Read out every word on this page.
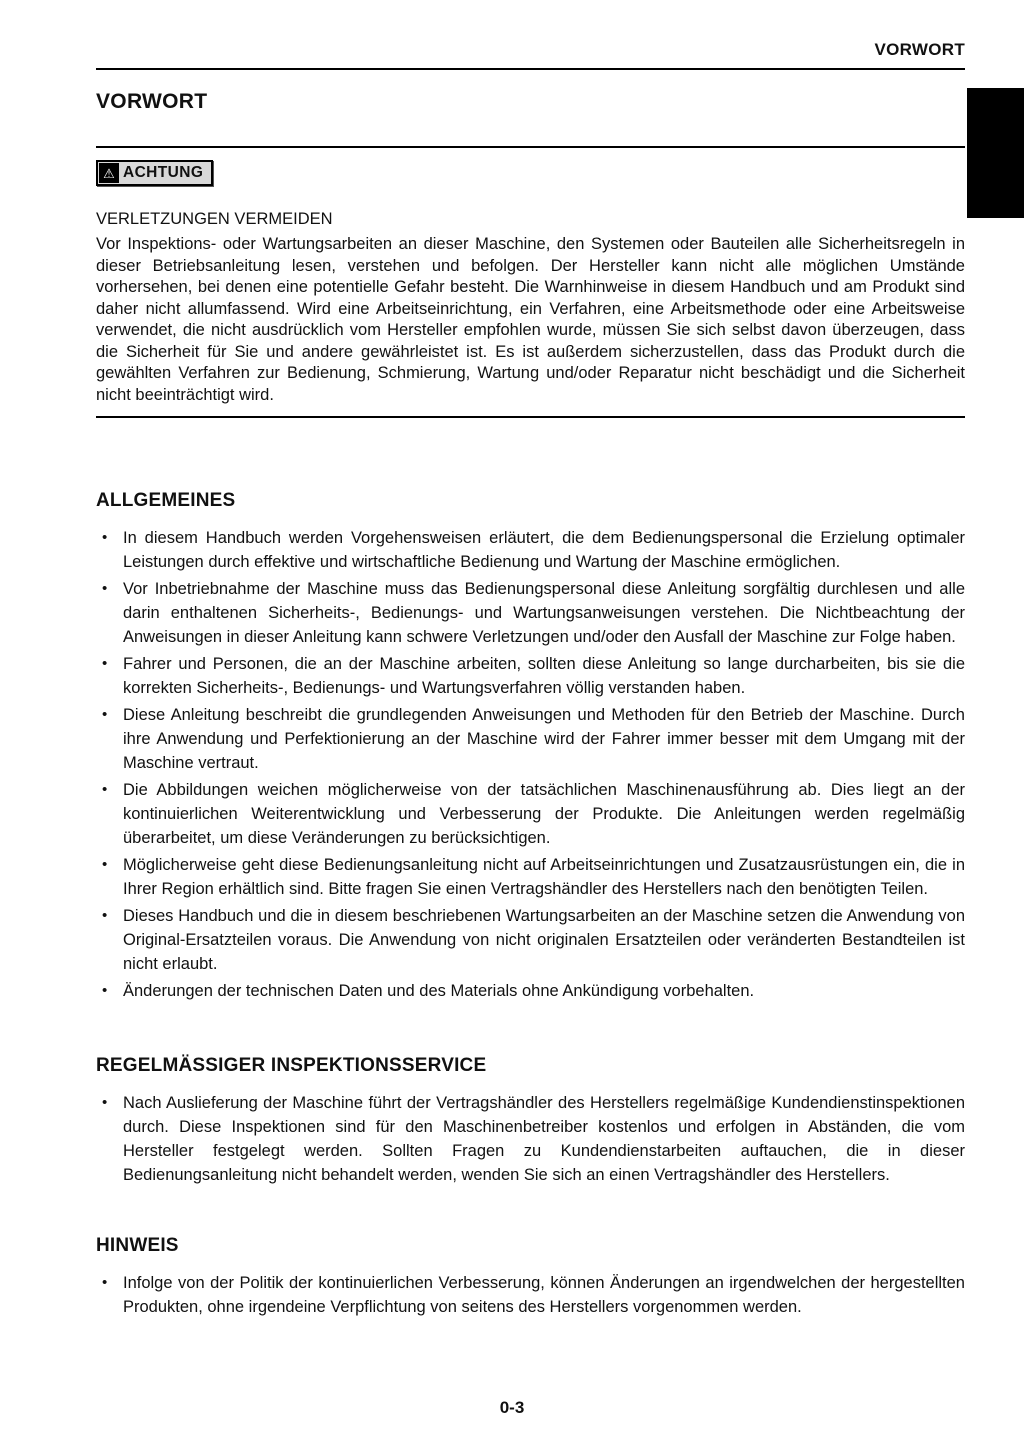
VORWORT
VORWORT
⚠ ACHTUNG

VERLETZUNGEN VERMEIDEN

Vor Inspektions- oder Wartungsarbeiten an dieser Maschine, den Systemen oder Bauteilen alle Sicherheitsregeln in dieser Betriebsanleitung lesen, verstehen und befolgen. Der Hersteller kann nicht alle möglichen Umstände vorhersehen, bei denen eine potentielle Gefahr besteht. Die Warnhinweise in diesem Handbuch und am Produkt sind daher nicht allumfassend. Wird eine Arbeitseinrichtung, ein Verfahren, eine Arbeitsmethode oder eine Arbeitsweise verwendet, die nicht ausdrücklich vom Hersteller empfohlen wurde, müssen Sie sich selbst davon überzeugen, dass die Sicherheit für Sie und andere gewährleistet ist. Es ist außerdem sicherzustellen, dass das Produkt durch die gewählten Verfahren zur Bedienung, Schmierung, Wartung und/oder Reparatur nicht beschädigt und die Sicherheit nicht beeinträchtigt wird.

ALLGEMEINES
• In diesem Handbuch werden Vorgehensweisen erläutert, die dem Bedienungspersonal die Erzielung optimaler Leistungen durch effektive und wirtschaftliche Bedienung und Wartung der Maschine ermöglichen.
• Vor Inbetriebnahme der Maschine muss das Bedienungspersonal diese Anleitung sorgfältig durchlesen und alle darin enthaltenen Sicherheits-, Bedienungs- und Wartungsanweisungen verstehen. Die Nichtbeachtung der Anweisungen in dieser Anleitung kann schwere Verletzungen und/oder den Ausfall der Maschine zur Folge haben.
• Fahrer und Personen, die an der Maschine arbeiten, sollten diese Anleitung so lange durcharbeiten, bis sie die korrekten Sicherheits-, Bedienungs- und Wartungsverfahren völlig verstanden haben.
• Diese Anleitung beschreibt die grundlegenden Anweisungen und Methoden für den Betrieb der Maschine. Durch ihre Anwendung und Perfektionierung an der Maschine wird der Fahrer immer besser mit dem Umgang mit der Maschine vertraut.
• Die Abbildungen weichen möglicherweise von der tatsächlichen Maschinenausführung ab. Dies liegt an der kontinuierlichen Weiterentwicklung und Verbesserung der Produkte. Die Anleitungen werden regelmäßig überarbeitet, um diese Veränderungen zu berücksichtigen.
• Möglicherweise geht diese Bedienungsanleitung nicht auf Arbeitseinrichtungen und Zusatzausrüstungen ein, die in Ihrer Region erhältlich sind. Bitte fragen Sie einen Vertragshändler des Herstellers nach den benötigten Teilen.
• Dieses Handbuch und die in diesem beschriebenen Wartungsarbeiten an der Maschine setzen die Anwendung von Original-Ersatzteilen voraus. Die Anwendung von nicht originalen Ersatzteilen oder veränderten Bestandteilen ist nicht erlaubt.
• Änderungen der technischen Daten und des Materials ohne Ankündigung vorbehalten.
REGELMÄSSIGER INSPEKTIONSSERVICE
• Nach Auslieferung der Maschine führt der Vertragshändler des Herstellers regelmäßige Kundendienstinspektionen durch. Diese Inspektionen sind für den Maschinenbetreiber kostenlos und erfolgen in Abständen, die vom Hersteller festgelegt werden. Sollten Fragen zu Kundendienstarbeiten auftauchen, die in dieser Bedienungsanleitung nicht behandelt werden, wenden Sie sich an einen Vertragshändler des Herstellers.
HINWEIS
• Infolge von der Politik der kontinuierlichen Verbesserung, können Änderungen an irgendwelchen der hergestellten Produkten, ohne irgendeine Verpflichtung von seitens des Herstellers vorgenommen werden.
0-3
